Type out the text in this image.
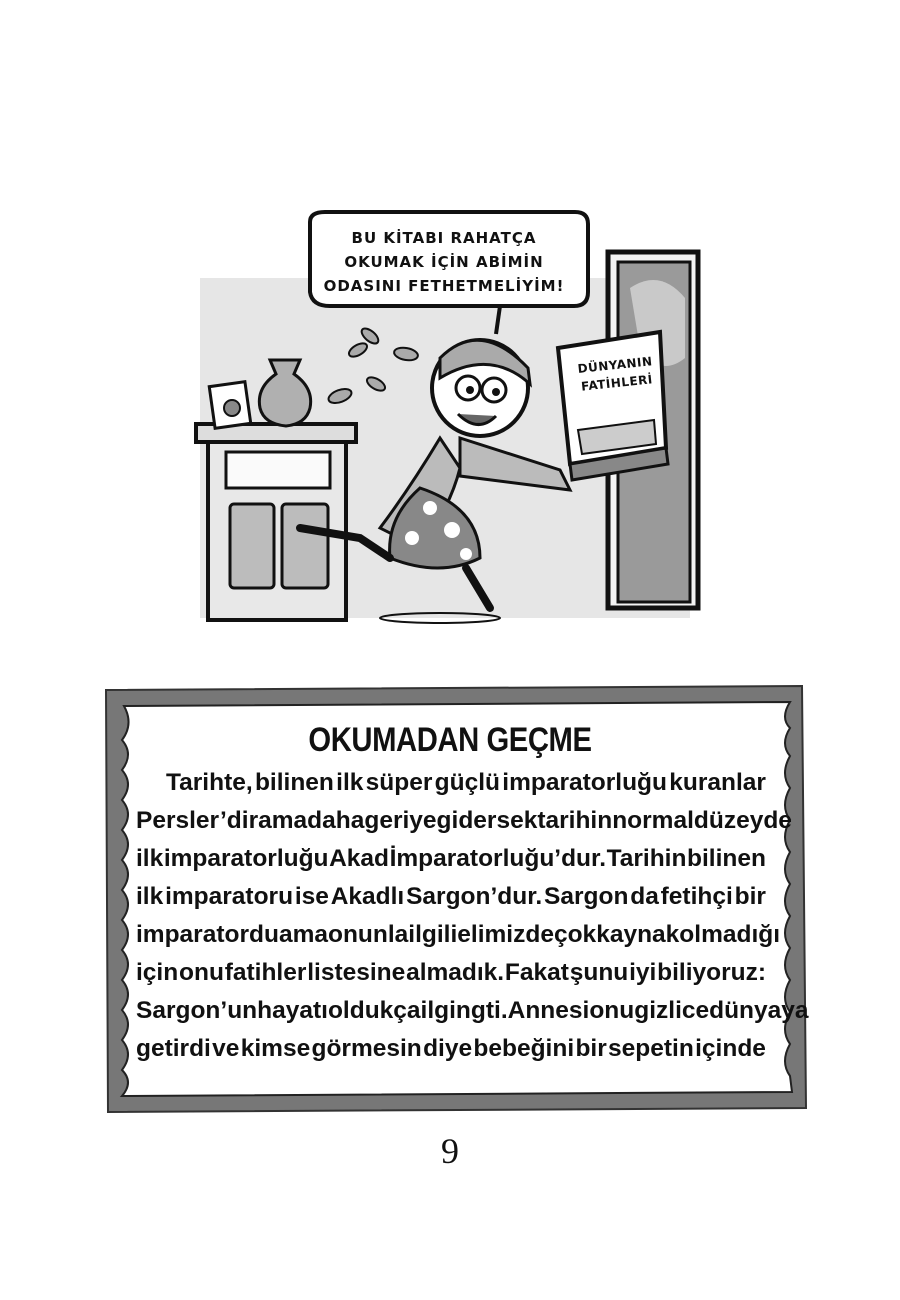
BU KİTABI RAHATÇA
OKUMAK İÇİN ABİMİN
ODASINI FETHETMELİYİM!
DÜNYANIN
FATİHLERİ
OKUMADAN GEÇME
Tarihte, bilinen ilk süper güçlü imparatorluğu kuranlar
Persler’dir ama daha geriye gidersek tarihin normal düzeyde
ilk imparatorluğu Akad İmparatorluğu’dur. Tarihin bilinen
ilk imparatoru ise Akadlı Sargon’dur. Sargon da fetihçi bir
imparatordu ama onunla ilgili elimizde çok kaynak olmadığı
için onu fatihler listesine almadık. Fakat şunu iyi biliyoruz:
Sargon’un hayatı oldukça ilgingti. Annesi onu gizlice dünyaya
getirdi ve kimse görmesin diye bebeğini bir sepetin içinde
9
